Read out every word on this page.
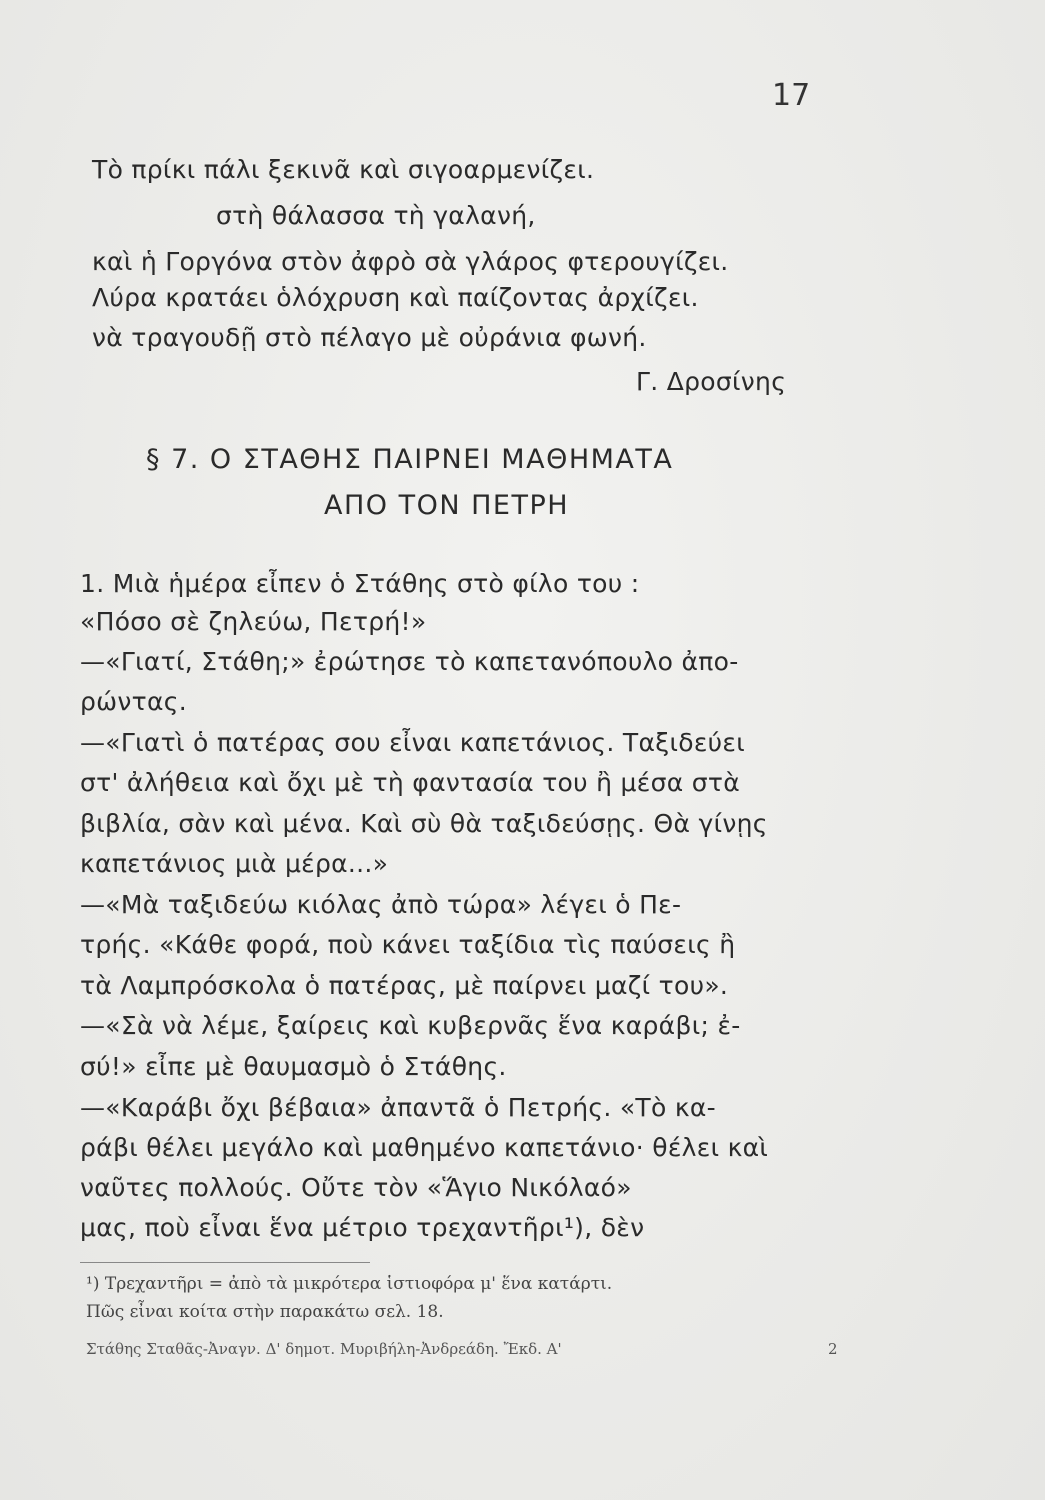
17
Τὸ πρίκι πάλι ξεκινᾶ καὶ σιγοαρμενίζει.
στὴ θάλασσα τὴ γαλανή,
καὶ ἡ Γοργόνα στὸν ἀφρὸ σὰ γλάρος φτερουγίζει.
Λύρα κρατάει ὁλόχρυση καὶ παίζοντας ἀρχίζει.
νὰ τραγουδῇ στὸ πέλαγο μὲ οὐράνια φωνή.
Γ. Δροσίνης
§ 7. Ο ΣΤΑΘΗΣ ΠΑΙΡΝΕΙ ΜΑΘΗΜΑΤΑ
ΑΠΟ ΤΟΝ ΠΕΤΡΗ
1. Μιὰ ἡμέρα εἶπεν ὁ Στάθης στὸ φίλο του :
«Πόσο σὲ ζηλεύω, Πετρή!»
—«Γιατί, Στάθη;» ἐρώτησε τὸ καπετανόπουλο ἀπο-
ρώντας.
—«Γιατὶ ὁ πατέρας σου εἶναι καπετάνιος. Ταξιδεύει
στ' ἀλήθεια καὶ ὄχι μὲ τὴ φαντασία του ἢ μέσα στὰ
βιβλία, σὰν καὶ μένα. Καὶ σὺ θὰ ταξιδεύσῃς. Θὰ γίνῃς
καπετάνιος μιὰ μέρα...»
—«Μὰ ταξιδεύω κιόλας ἀπὸ τώρα» λέγει ὁ Πε-
τρής. «Κάθε φορά, ποὺ κάνει ταξίδια τὶς παύσεις ἢ
τὰ Λαμπρόσκολα ὁ πατέρας, μὲ παίρνει μαζί του».
—«Σὰ νὰ λέμε, ξαίρεις καὶ κυβερνᾶς ἕνα καράβι; ἐ-
σύ!» εἶπε μὲ θαυμασμὸ ὁ Στάθης.
—«Καράβι ὄχι βέβαια» ἀπαντᾶ ὁ Πετρής. «Τὸ κα-
ράβι θέλει μεγάλο καὶ μαθημένο καπετάνιο· θέλει καὶ
ναῦτες πολλούς. Οὔτε τὸν «Ἅγιο Νικόλαό»
μας, ποὺ εἶναι ἕνα μέτριο τρεχαντῆρι¹), δὲν
¹) Τρεχαντῆρι = ἀπὸ τὰ μικρότερα ἱστιοφόρα μ' ἕνα κατάρτι.
Πῶς εἶναι κοίτα στὴν παρακάτω σελ. 18.
Στάθης Σταθᾶς-Ἀναγν. Δ' δημοτ. Μυριβήλη-Ἀνδρεάδη. Ἔκδ. Α'	2
